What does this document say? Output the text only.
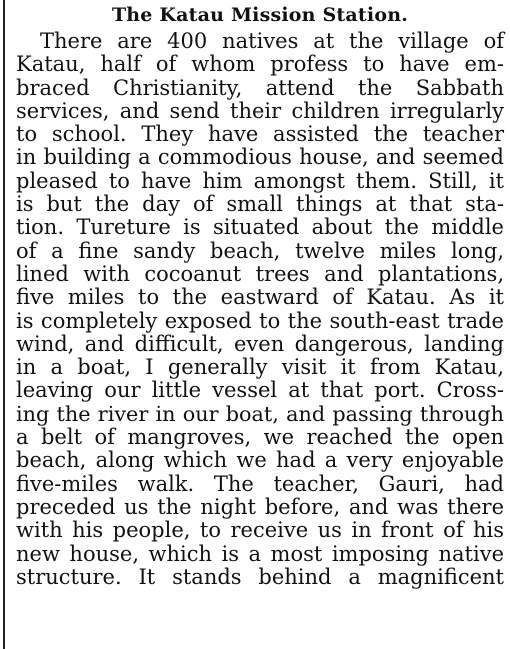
The Katau Mission Station.
There are 400 natives at the village of
Katau, half of whom profess to have em-
braced Christianity, attend the Sabbath
services, and send their children irregularly
to school. They have assisted the teacher
in building a commodious house, and seemed
pleased to have him amongst them. Still, it
is but the day of small things at that sta-
tion. Tureture is situated about the middle
of a fine sandy beach, twelve miles long,
lined with cocoanut trees and plantations,
five miles to the eastward of Katau. As it
is completely exposed to the south-east trade
wind, and difficult, even dangerous, landing
in a boat, I generally visit it from Katau,
leaving our little vessel at that port. Cross-
ing the river in our boat, and passing through
a belt of mangroves, we reached the open
beach, along which we had a very enjoyable
five-miles walk. The teacher, Gauri, had
preceded us the night before, and was there
with his people, to receive us in front of his
new house, which is a most imposing native
structure. It stands behind a magnificent
